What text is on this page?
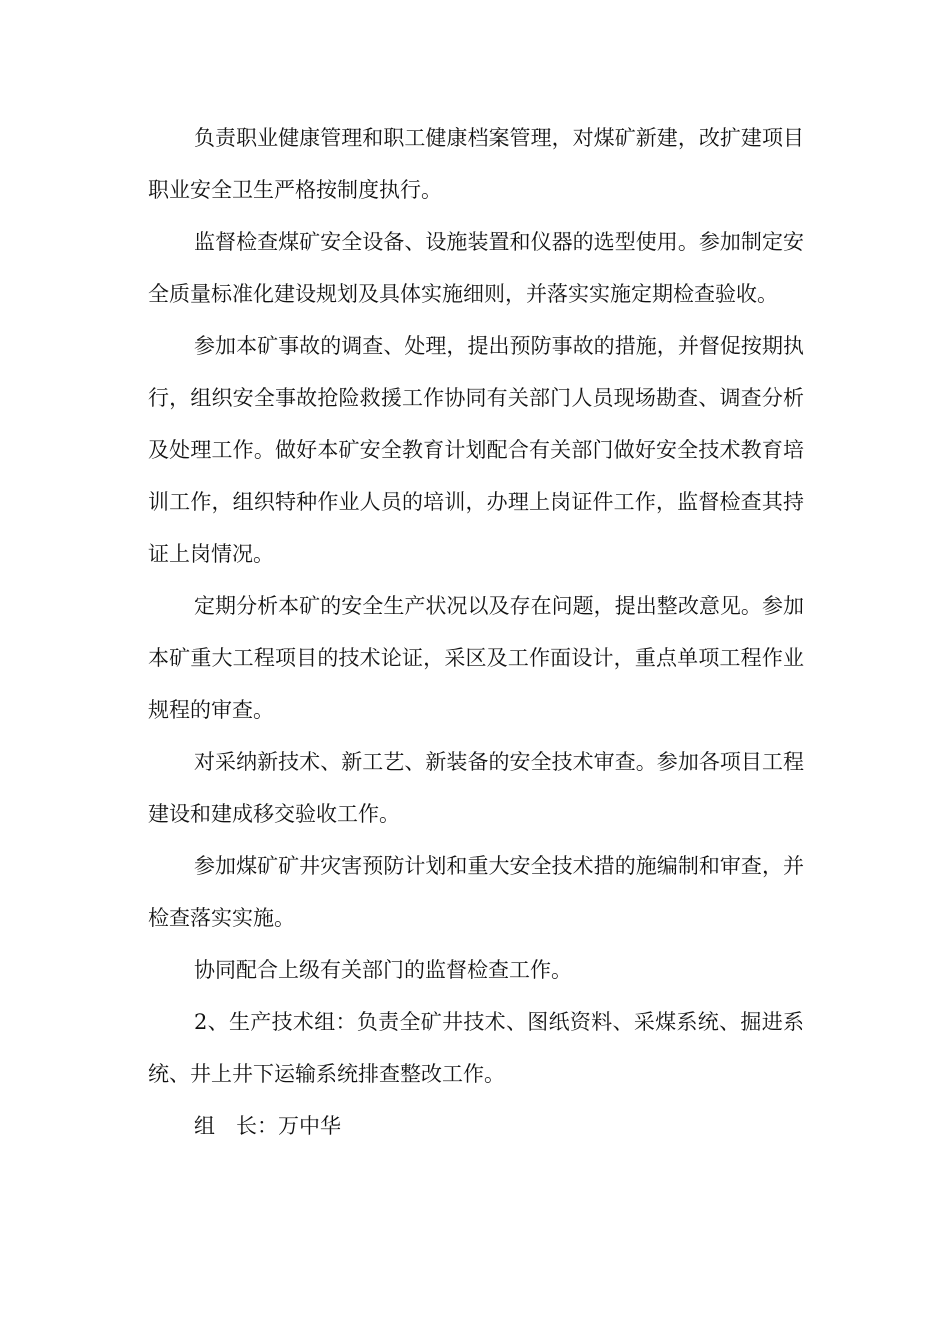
负责职业健康管理和职工健康档案管理，对煤矿新建，改扩建项目职业安全卫生严格按制度执行。

监督检查煤矿安全设备、设施装置和仪器的选型使用。参加制定安全质量标准化建设规划及具体实施细则，并落实实施定期检查验收。

参加本矿事故的调查、处理，提出预防事故的措施，并督促按期执行，组织安全事故抢险救援工作协同有关部门人员现场勘查、调查分析及处理工作。做好本矿安全教育计划配合有关部门做好安全技术教育培训工作，组织特种作业人员的培训，办理上岗证件工作，监督检查其持证上岗情况。

定期分析本矿的安全生产状况以及存在问题，提出整改意见。参加本矿重大工程项目的技术论证，采区及工作面设计，重点单项工程作业规程的审查。

对采纳新技术、新工艺、新装备的安全技术审查。参加各项目工程建设和建成移交验收工作。

参加煤矿矿井灾害预防计划和重大安全技术措的施编制和审查，并检查落实实施。

协同配合上级有关部门的监督检查工作。

2、生产技术组：负责全矿井技术、图纸资料、采煤系统、掘进系统、井上井下运输系统排查整改工作。

组　长：万中华
